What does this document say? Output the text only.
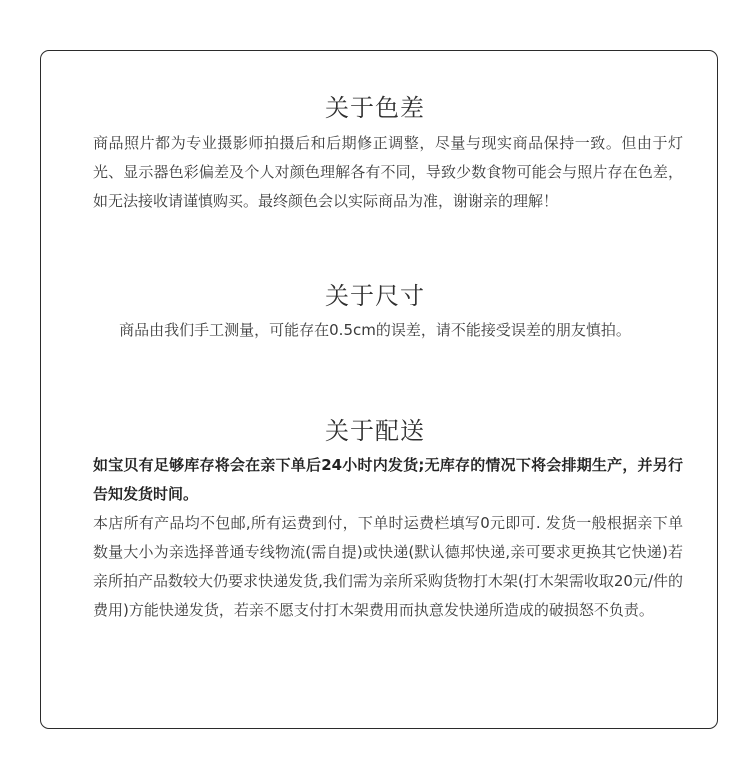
关于色差

商品照片都为专业摄影师拍摄后和后期修正调整，尽量与现实商品保持一致。但由于灯光、显示器色彩偏差及个人对颜色理解各有不同，导致少数食物可能会与照片存在色差，如无法接收请谨慎购买。最终颜色会以实际商品为准，谢谢亲的理解！

关于尺寸

商品由我们手工测量，可能存在0.5cm的误差，请不能接受误差的朋友慎拍。

关于配送

如宝贝有足够库存将会在亲下单后24小时内发货;无库存的情况下将会排期生产，并另行告知发货时间。

本店所有产品均不包邮,所有运费到付，下单时运费栏填写0元即可. 发货一般根据亲下单数量大小为亲选择普通专线物流(需自提)或快递(默认德邦快递,亲可要求更换其它快递)若亲所拍产品数较大仍要求快递发货,我们需为亲所采购货物打木架(打木架需收取20元/件的费用)方能快递发货，若亲不愿支付打木架费用而执意发快递所造成的破损怒不负责。
